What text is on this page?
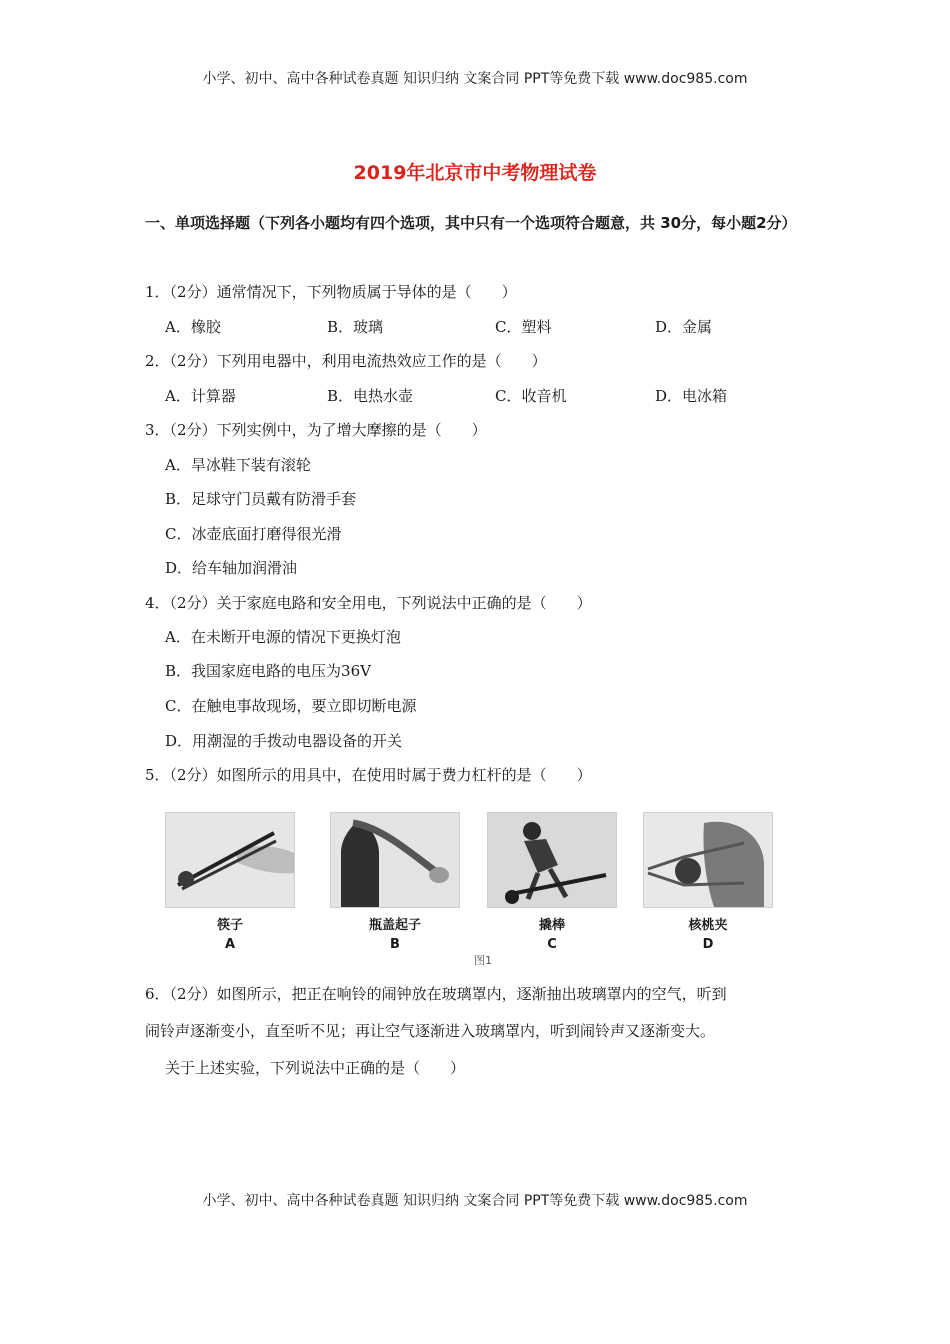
小学、初中、高中各种试卷真题 知识归纳 文案合同 PPT等免费下载 www.doc985.com
2019年北京市中考物理试卷
一、单项选择题（下列各小题均有四个选项，其中只有一个选项符合题意，共 30分，每小题2分）
1．（2分）通常情况下，下列物质属于导体的是（　　）
A．橡胶	B．玻璃	C．塑料	D．金属
2．（2分）下列用电器中，利用电流热效应工作的是（　　）
A．计算器	B．电热水壶	C．收音机	D．电冰箱
3．（2分）下列实例中，为了增大摩擦的是（　　）
A．旱冰鞋下装有滚轮
B．足球守门员戴有防滑手套
C．冰壶底面打磨得很光滑
D．给车轴加润滑油
4．（2分）关于家庭电路和安全用电，下列说法中正确的是（　　）
A．在未断开电源的情况下更换灯泡
B．我国家庭电路的电压为36V
C．在触电事故现场，要立即切断电源
D．用潮湿的手拨动电器设备的开关
5．（2分）如图所示的用具中，在使用时属于费力杠杆的是（　　）
筷子
A
瓶盖起子
B
撬棒
C
核桃夹
D
图1
6．（2分）如图所示，把正在响铃的闹钟放在玻璃罩内，逐渐抽出玻璃罩内的空气，听到
闹铃声逐渐变小，直至听不见；再让空气逐渐进入玻璃罩内，听到闹铃声又逐渐变大。
关于上述实验，下列说法中正确的是（　　）
小学、初中、高中各种试卷真题 知识归纳 文案合同 PPT等免费下载 www.doc985.com
